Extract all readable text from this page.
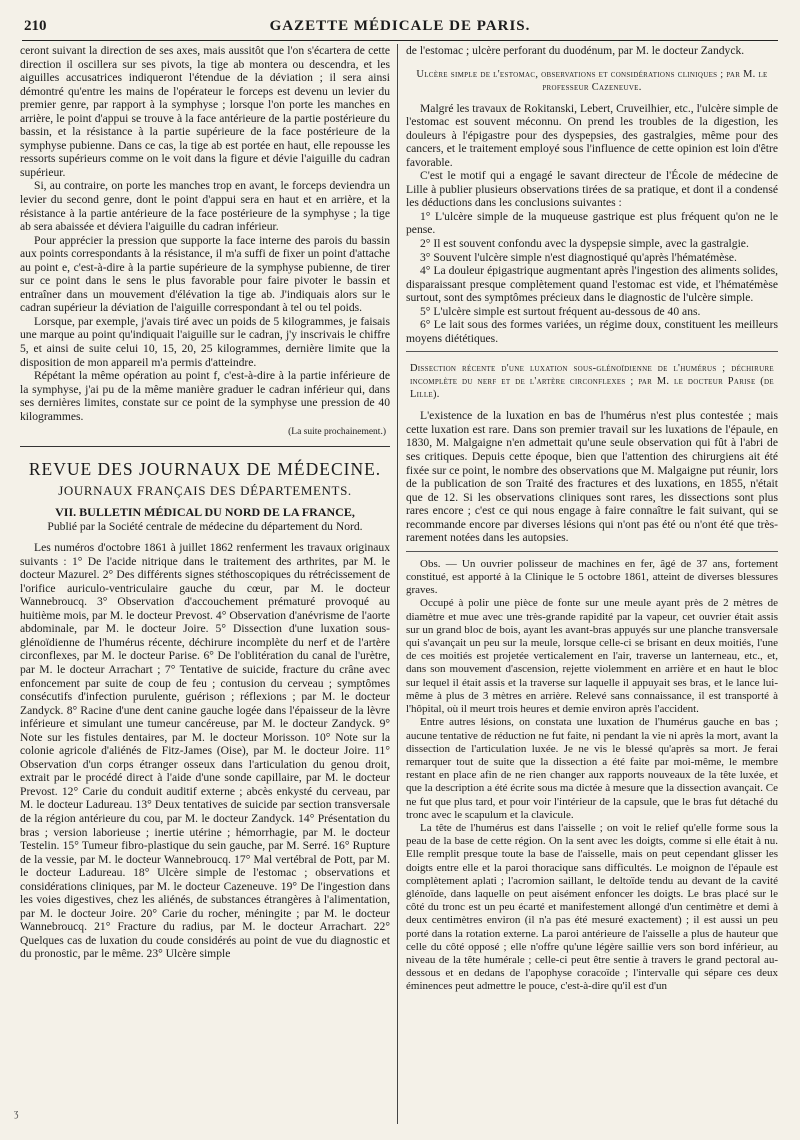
210	GAZETTE MÉDICALE DE PARIS.

ceront suivant la direction de ses axes, mais aussitôt que l'on s'écartera de cette direction il oscillera sur ses pivots, la tige ab montera ou descendra, et les aiguilles accusatrices indiqueront l'étendue de la déviation ; il sera ainsi démontré qu'entre les mains de l'opérateur le forceps est devenu un levier du premier genre, par rapport à la symphyse ; lorsque l'on porte les manches en arrière, le point d'appui se trouve à la face antérieure de la partie postérieure du bassin, et la résistance à la partie supérieure de la face postérieure de la symphyse pubienne. Dans ce cas, la tige ab est portée en haut, elle repousse les ressorts supérieurs comme on le voit dans la figure et dévie l'aiguille du cadran supérieur.

Si, au contraire, on porte les manches trop en avant, le forceps deviendra un levier du second genre, dont le point d'appui sera en haut et en arrière, et la résistance à la partie antérieure de la face postérieure de la symphyse ; la tige ab sera abaissée et déviera l'aiguille du cadran inférieur.

Pour apprécier la pression que supporte la face interne des parois du bassin aux points correspondants à la résistance, il m'a suffi de fixer un point d'attache au point e, c'est-à-dire à la partie supérieure de la symphyse pubienne, de tirer sur ce point dans le sens le plus favorable pour faire pivoter le bassin et entraîner dans un mouvement d'élévation la tige ab. J'indiquais alors sur le cadran supérieur la déviation de l'aiguille correspondant à tel ou tel poids.

Lorsque, par exemple, j'avais tiré avec un poids de 5 kilogrammes, je faisais une marque au point qu'indiquait l'aiguille sur le cadran, j'y inscrivais le chiffre 5, et ainsi de suite celui 10, 15, 20, 25 kilogrammes, dernière limite que la disposition de mon appareil m'a permis d'atteindre.

Répétant la même opération au point f, c'est-à-dire à la partie inférieure de la symphyse, j'ai pu de la même manière graduer le cadran inférieur qui, dans ses dernières limites, constate sur ce point de la symphyse une pression de 40 kilogrammes.

(La suite prochainement.)
REVUE DES JOURNAUX DE MÉDECINE.
JOURNAUX FRANÇAIS DES DÉPARTEMENTS.
VII. BULLETIN MÉDICAL DU NORD DE LA FRANCE,
Publié par la Société centrale de médecine du département du Nord.

Les numéros d'octobre 1861 à juillet 1862 renferment les travaux originaux suivants : 1° De l'acide nitrique dans le traitement des arthrites, par M. le docteur Mazurel. 2° Des différents signes stéthoscopiques du rétrécissement de l'orifice auriculo-ventriculaire gauche du cœur, par M. le docteur Wannebroucq. 3° Observation d'accouchement prématuré provoqué au huitième mois, par M. le docteur Prevost. 4° Observation d'anévrisme de l'aorte abdominale, par M. le docteur Joire. 5° Dissection d'une luxation sous-glénoïdienne de l'humérus récente, déchirure incomplète du nerf et de l'artère circonflexes, par M. le docteur Parise. 6° De l'oblitération du canal de l'urètre, par M. le docteur Arrachart ; 7° Tentative de suicide, fracture du crâne avec enfoncement par suite de coup de feu ; contusion du cerveau ; symptômes consécutifs d'infection purulente, guérison ; réflexions ; par M. le docteur Zandyck. 8° Racine d'une dent canine gauche logée dans l'épaisseur de la lèvre inférieure et simulant une tumeur cancéreuse, par M. le docteur Zandyck. 9° Note sur les fistules dentaires, par M. le docteur Morisson. 10° Note sur la colonie agricole d'aliénés de Fitz-James (Oise), par M. le docteur Joire. 11° Observation d'un corps étranger osseux dans l'articulation du genou droit, extrait par le procédé direct à l'aide d'une sonde capillaire, par M. le docteur Prevost. 12° Carie du conduit auditif externe ; abcès enkysté du cerveau, par M. le docteur Ladureau. 13° Deux tentatives de suicide par section transversale de la région antérieure du cou, par M. le docteur Zandyck. 14° Présentation du bras ; version laborieuse ; inertie utérine ; hémorrhagie, par M. le docteur Testelin. 15° Tumeur fibro-plastique du sein gauche, par M. Serré. 16° Rupture de la vessie, par M. le docteur Wannebroucq. 17° Mal vertébral de Pott, par M. le docteur Ladureau. 18° Ulcère simple de l'estomac ; observations et considérations cliniques, par M. le docteur Cazeneuve. 19° De l'ingestion dans les voies digestives, chez les aliénés, de substances étrangères à l'alimentation, par M. le docteur Joire. 20° Carie du rocher, méningite ; par M. le docteur Wannebroucq. 21° Fracture du radius, par M. le docteur Arrachart. 22° Quelques cas de luxation du coude considérés au point de vue du diagnostic et du pronostic, par le même. 23° Ulcère simple

de l'estomac ; ulcère perforant du duodénum, par M. le docteur Zandyck.

Ulcère simple de l'estomac, observations et considérations cliniques ; par M. le professeur Cazeneuve.

Malgré les travaux de Rokitanski, Lebert, Cruveilhier, etc., l'ulcère simple de l'estomac est souvent méconnu. On prend les troubles de la digestion, les douleurs à l'épigastre pour des dyspepsies, des gastralgies, même pour des cancers, et le traitement employé sous l'influence de cette opinion est loin d'être favorable.

C'est le motif qui a engagé le savant directeur de l'École de médecine de Lille à publier plusieurs observations tirées de sa pratique, et dont il a condensé les déductions dans les conclusions suivantes :

1° L'ulcère simple de la muqueuse gastrique est plus fréquent qu'on ne le pense.

2° Il est souvent confondu avec la dyspepsie simple, avec la gastralgie.

3° Souvent l'ulcère simple n'est diagnostiqué qu'après l'hématémèse.

4° La douleur épigastrique augmentant après l'ingestion des aliments solides, disparaissant presque complètement quand l'estomac est vide, et l'hématémèse surtout, sont des symptômes précieux dans le diagnostic de l'ulcère simple.

5° L'ulcère simple est surtout fréquent au-dessous de 40 ans.

6° Le lait sous des formes variées, un régime doux, constituent les meilleurs moyens diététiques.

Dissection récente d'une luxation sous-glénoïdienne de l'humérus ; déchirure incomplète du nerf et de l'artère circonflexes ; par M. le docteur Parise (de Lille).

L'existence de la luxation en bas de l'humérus n'est plus contestée ; mais cette luxation est rare. Dans son premier travail sur les luxations de l'épaule, en 1830, M. Malgaigne n'en admettait qu'une seule observation qui fût à l'abri de ses critiques. Depuis cette époque, bien que l'attention des chirurgiens ait été fixée sur ce point, le nombre des observations que M. Malgaigne put réunir, lors de la publication de son Traité des fractures et des luxations, en 1855, n'était que de 12. Si les observations cliniques sont rares, les dissections sont plus rares encore ; c'est ce qui nous engage à faire connaître le fait suivant, qui se recommande encore par diverses lésions qui n'ont pas été ou n'ont été que très-rarement notées dans les autopsies.

Obs. — Un ouvrier polisseur de machines en fer, âgé de 37 ans, fortement constitué, est apporté à la Clinique le 5 octobre 1861, atteint de diverses blessures graves.

Occupé à polir une pièce de fonte sur une meule ayant près de 2 mètres de diamètre et mue avec une très-grande rapidité par la vapeur, cet ouvrier était assis sur un grand bloc de bois, ayant les avant-bras appuyés sur une planche transversale qui s'avançait un peu sur la meule, lorsque celle-ci se brisant en deux moitiés, l'une de ces moitiés est projetée verticalement en l'air, traverse un lanterneau, etc., et, dans son mouvement d'ascension, rejette violemment en arrière et en haut le bloc sur lequel il était assis et la traverse sur laquelle il appuyait ses bras, et le lance lui-même à plus de 3 mètres en arrière. Relevé sans connaissance, il est transporté à l'hôpital, où il meurt trois heures et demie environ après l'accident.

Entre autres lésions, on constata une luxation de l'humérus gauche en bas ; aucune tentative de réduction ne fut faite, ni pendant la vie ni après la mort, avant la dissection de l'articulation luxée. Je ne vis le blessé qu'après sa mort. Je ferai remarquer tout de suite que la dissection a été faite par moi-même, le membre restant en place afin de ne rien changer aux rapports nouveaux de la tête luxée, et que la description a été écrite sous ma dictée à mesure que la dissection avançait. Ce ne fut que plus tard, et pour voir l'intérieur de la capsule, que le bras fut détaché du tronc avec le scapulum et la clavicule.

La tête de l'humérus est dans l'aisselle ; on voit le relief qu'elle forme sous la peau de la base de cette région. On la sent avec les doigts, comme si elle était à nu. Elle remplit presque toute la base de l'aisselle, mais on peut cependant glisser les doigts entre elle et la paroi thoracique sans difficultés. Le moignon de l'épaule est complètement aplati ; l'acromion saillant, le deltoïde tendu au devant de la cavité glénoïde, dans laquelle on peut aisément enfoncer les doigts. Le bras placé sur le côté du tronc est un peu écarté et manifestement allongé d'un centimètre et demi à deux centimètres environ (il n'a pas été mesuré exactement) ; il est aussi un peu porté dans la rotation externe. La paroi antérieure de l'aisselle a plus de hauteur que celle du côté opposé ; elle n'offre qu'une légère saillie vers son bord inférieur, au niveau de la tête humérale ; celle-ci peut être sentie à travers le grand pectoral au-dessous et en dedans de l'apophyse coracoïde ; l'intervalle qui sépare ces deux éminences peut admettre le pouce, c'est-à-dire qu'il est d'un

ʒ
